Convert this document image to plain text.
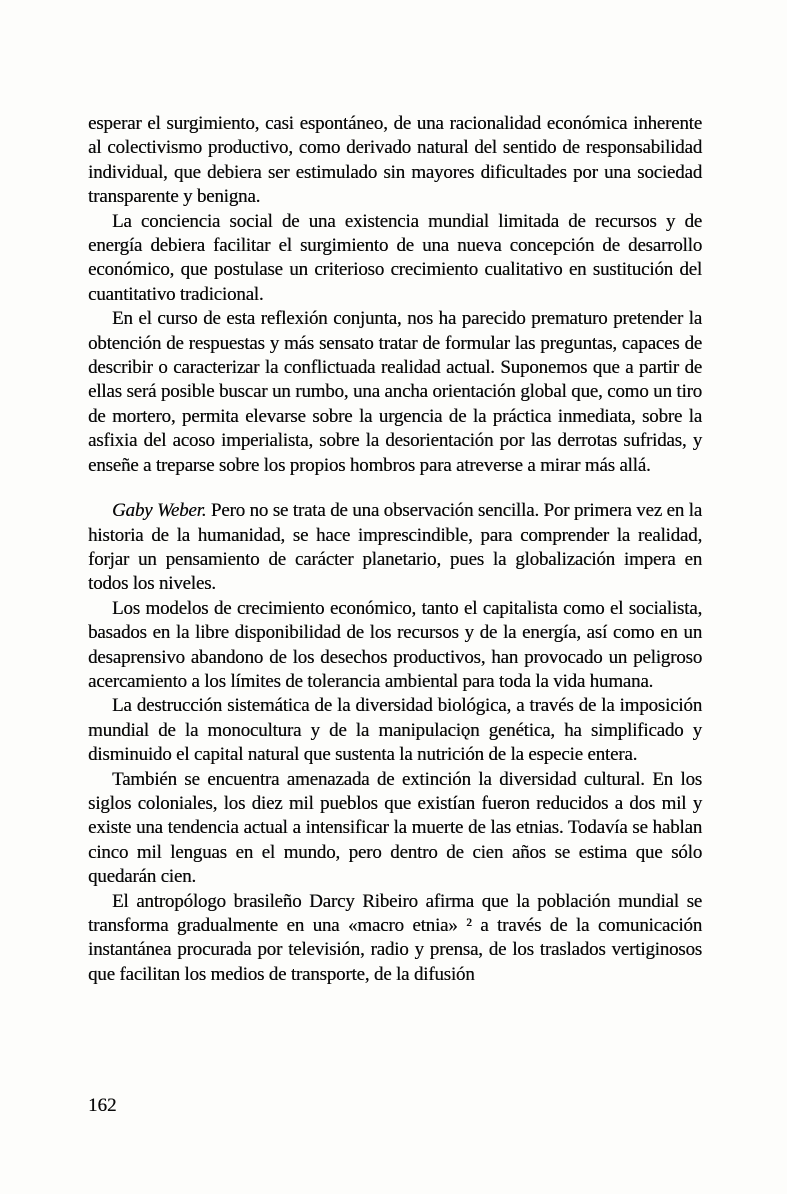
esperar el surgimiento, casi espontáneo, de una racionalidad económica inherente al colectivismo productivo, como derivado natural del sentido de responsabilidad individual, que debiera ser estimulado sin mayores dificultades por una sociedad transparente y benigna.

La conciencia social de una existencia mundial limitada de recursos y de energía debiera facilitar el surgimiento de una nueva concepción de desarrollo económico, que postulase un criterioso crecimiento cualitativo en sustitución del cuantitativo tradicional.

En el curso de esta reflexión conjunta, nos ha parecido prematuro pretender la obtención de respuestas y más sensato tratar de formular las preguntas, capaces de describir o caracterizar la conflictuada realidad actual. Suponemos que a partir de ellas será posible buscar un rumbo, una ancha orientación global que, como un tiro de mortero, permita elevarse sobre la urgencia de la práctica inmediata, sobre la asfixia del acoso imperialista, sobre la desorientación por las derrotas sufridas, y enseñe a treparse sobre los propios hombros para atreverse a mirar más allá.

Gaby Weber. Pero no se trata de una observación sencilla. Por primera vez en la historia de la humanidad, se hace imprescindible, para comprender la realidad, forjar un pensamiento de carácter planetario, pues la globalización impera en todos los niveles.

Los modelos de crecimiento económico, tanto el capitalista como el socialista, basados en la libre disponibilidad de los recursos y de la energía, así como en un desaprensivo abandono de los desechos productivos, han provocado un peligroso acercamiento a los límites de tolerancia ambiental para toda la vida humana.

La destrucción sistemática de la diversidad biológica, a través de la imposición mundial de la monocultura y de la manipulaciǫn genética, ha simplificado y disminuido el capital natural que sustenta la nutrición de la especie entera.

También se encuentra amenazada de extinción la diversidad cultural. En los siglos coloniales, los diez mil pueblos que existían fueron reducidos a dos mil y existe una tendencia actual a intensificar la muerte de las etnias. Todavía se hablan cinco mil lenguas en el mundo, pero dentro de cien años se estima que sólo quedarán cien.

El antropólogo brasileño Darcy Ribeiro afirma que la población mundial se transforma gradualmente en una «macro etnia» ² a través de la comunicación instantánea procurada por televisión, radio y prensa, de los traslados vertiginosos que facilitan los medios de transporte, de la difusión

162
